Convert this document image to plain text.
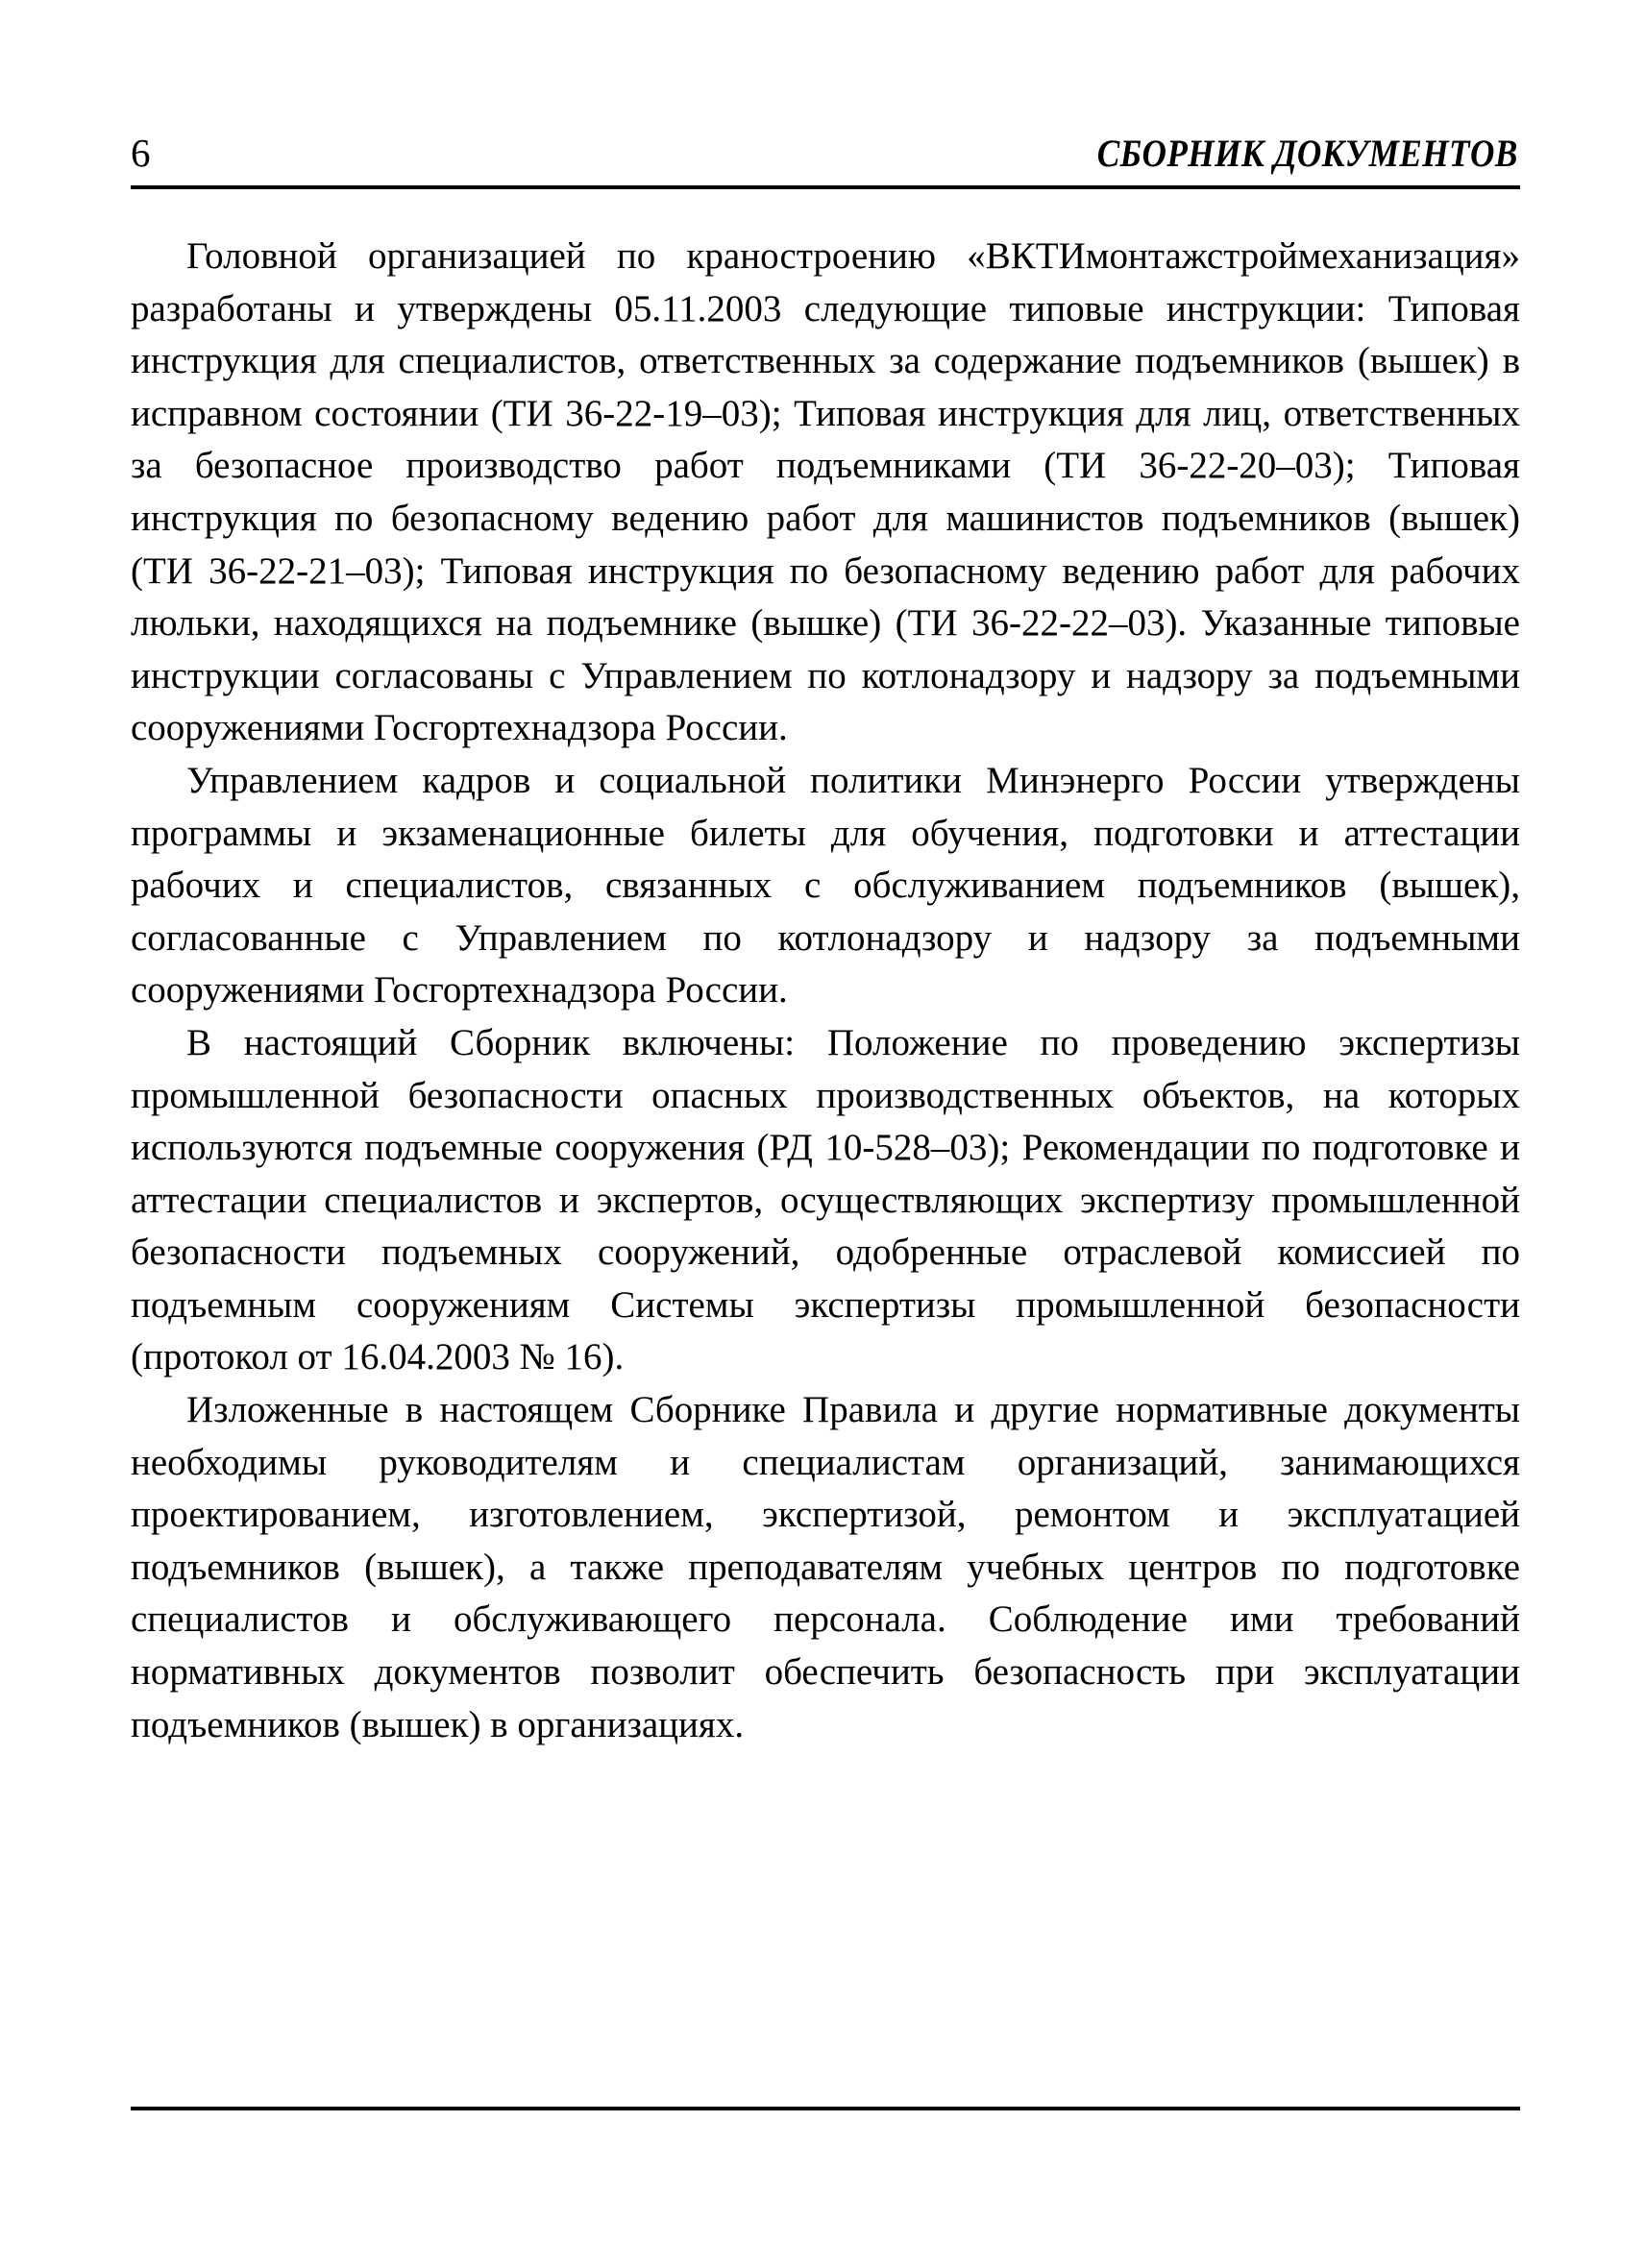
6	СБОРНИК ДОКУМЕНТОВ

Головной организацией по краностроению «ВКТИмонтажстроймеханизация» разработаны и утверждены 05.11.2003 следующие типовые инструкции: Типовая инструкция для специалистов, ответственных за содержание подъемников (вышек) в исправном состоянии (ТИ 36-22-19–03); Типовая инструкция для лиц, ответственных за безопасное производство работ подъемниками (ТИ 36-22-20–03); Типовая инструкция по безопасному ведению работ для машинистов подъемников (вышек) (ТИ 36-22-21–03); Типовая инструкция по безопасному ведению работ для рабочих люльки, находящихся на подъемнике (вышке) (ТИ 36-22-22–03). Указанные типовые инструкции согласованы с Управлением по котлонадзору и надзору за подъемными сооружениями Госгортехнадзора России.

Управлением кадров и социальной политики Минэнерго России утверждены программы и экзаменационные билеты для обучения, подготовки и аттестации рабочих и специалистов, связанных с обслуживанием подъемников (вышек), согласованные с Управлением по котлонадзору и надзору за подъемными сооружениями Госгортехнадзора России.

В настоящий Сборник включены: Положение по проведению экспертизы промышленной безопасности опасных производственных объектов, на которых используются подъемные сооружения (РД 10-528–03); Рекомендации по подготовке и аттестации специалистов и экспертов, осуществляющих экспертизу промышленной безопасности подъемных сооружений, одобренные отраслевой комиссией по подъемным сооружениям Системы экспертизы промышленной безопасности (протокол от 16.04.2003 № 16).

Изложенные в настоящем Сборнике Правила и другие нормативные документы необходимы руководителям и специалистам организаций, занимающихся проектированием, изготовлением, экспертизой, ремонтом и эксплуатацией подъемников (вышек), а также преподавателям учебных центров по подготовке специалистов и обслуживающего персонала. Соблюдение ими требований нормативных документов позволит обеспечить безопасность при эксплуатации подъемников (вышек) в организациях.
